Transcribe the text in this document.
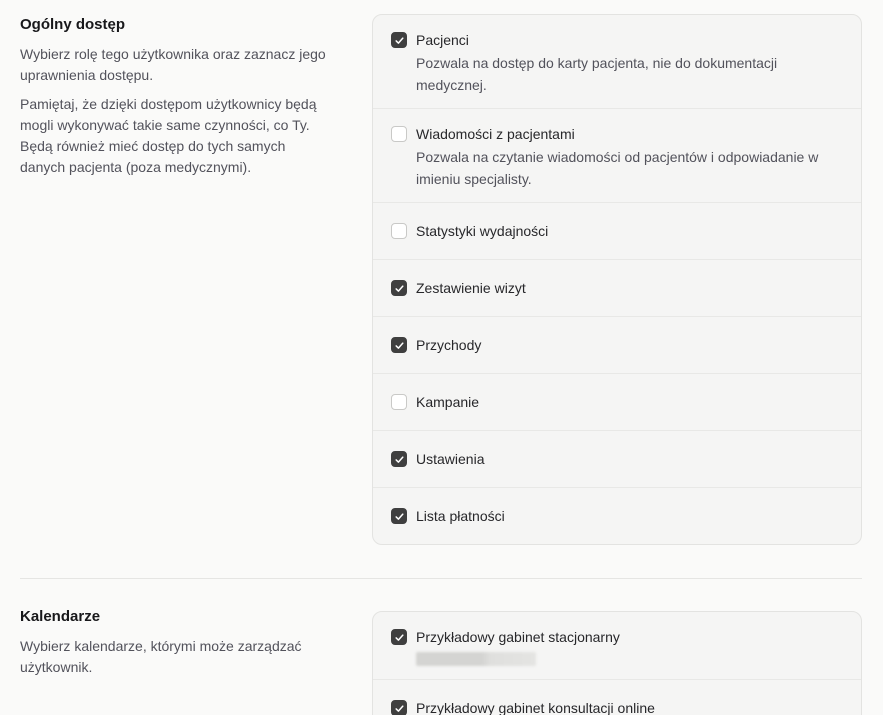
Ogólny dostęp
Wybierz rolę tego użytkownika oraz zaznacz jego uprawnienia dostępu.
Pamiętaj, że dzięki dostępom użytkownicy będą mogli wykonywać takie same czynności, co Ty. Będą również mieć dostęp do tych samych danych pacjenta (poza medycznymi).
Pacjenci
Pozwala na dostęp do karty pacjenta, nie do dokumentacji medycznej.
Wiadomości z pacjentami
Pozwala na czytanie wiadomości od pacjentów i odpowiadanie w imieniu specjalisty.
Statystyki wydajności
Zestawienie wizyt
Przychody
Kampanie
Ustawienia
Lista płatności
Kalendarze
Wybierz kalendarze, którymi może zarządzać użytkownik.
Przykładowy gabinet stacjonarny
Przykładowy gabinet konsultacji online
